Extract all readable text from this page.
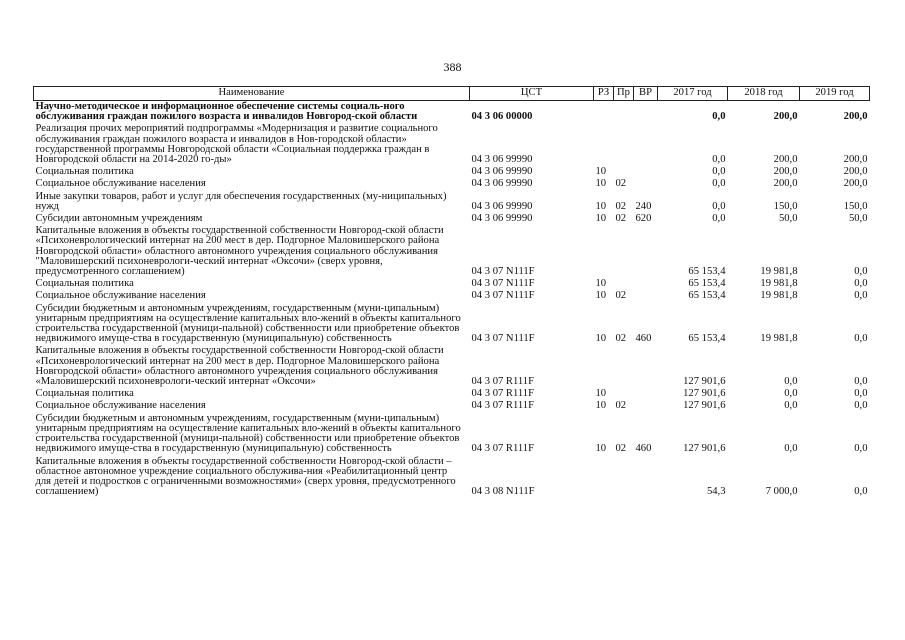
388
Наименование	ЦСТ	РЗ	Пр	ВР	2017 год	2018 год	2019 год
Научно-методическое и информационное обеспечение системы социаль-ного обслуживания граждан пожилого возраста и инвалидов Новгород-ской области	04 3 06 00000				0,0	200,0	200,0
Реализация прочих мероприятий подпрограммы «Модернизация и развитие социального обслуживания граждан пожилого возраста и инвалидов в Нов-городской области» государственной программы Новгородской области «Социальная поддержка граждан в Новгородской области на 2014-2020 го-ды»	04 3 06 99990				0,0	200,0	200,0
Социальная политика	04 3 06 99990	10			0,0	200,0	200,0
Социальное обслуживание населения	04 3 06 99990	10	02		0,0	200,0	200,0
Иные закупки товаров, работ и услуг для обеспечения государственных (му-ниципальных) нужд	04 3 06 99990	10	02	240	0,0	150,0	150,0
Субсидии автономным учреждениям	04 3 06 99990	10	02	620	0,0	50,0	50,0
Капитальные вложения в объекты государственной собственности Новгород-ской области «Психоневрологический интернат на 200 мест в дер. Подгорное Маловишерского района Новгородской области» областного автономного учреждения социального обслуживания "Маловишерский психоневрологи-ческий интернат «Оксочи» (сверх уровня, предусмотренного соглашением)	04 3 07 N111F				65 153,4	19 981,8	0,0
Социальная политика	04 3 07 N111F	10			65 153,4	19 981,8	0,0
Социальное обслуживание населения	04 3 07 N111F	10	02		65 153,4	19 981,8	0,0
Субсидии бюджетным и автономным учреждениям, государственным (муни-ципальным) унитарным предприятиям на осуществление капитальных вло-жений в объекты капитального строительства государственной (муници-пальной) собственности или приобретение объектов недвижимого имуще-ства в государственную (муниципальную) собственность	04 3 07 N111F	10	02	460	65 153,4	19 981,8	0,0
Капитальные вложения в объекты государственной собственности Новгород-ской области «Психоневрологический интернат на 200 мест в дер. Подгорное Маловишерского района Новгородской области» областного автономного учреждения социального обслуживания «Маловишерский психоневрологи-ческий интернат «Оксочи»	04 3 07 R111F				127 901,6	0,0	0,0
Социальная политика	04 3 07 R111F	10			127 901,6	0,0	0,0
Социальное обслуживание населения	04 3 07 R111F	10	02		127 901,6	0,0	0,0
Субсидии бюджетным и автономным учреждениям, государственным (муни-ципальным) унитарным предприятиям на осуществление капитальных вло-жений в объекты капитального строительства государственной (муници-пальной) собственности или приобретение объектов недвижимого имуще-ства в государственную (муниципальную) собственность	04 3 07 R111F	10	02	460	127 901,6	0,0	0,0
Капитальные вложения в объекты государственной собственности Новгород-ской области – областное автономное учреждение социального обслужива-ния «Реабилитационный центр для детей и подростков с ограниченными возможностями» (сверх уровня, предусмотренного соглашением)	04 3 08 N111F				54,3	7 000,0	0,0
